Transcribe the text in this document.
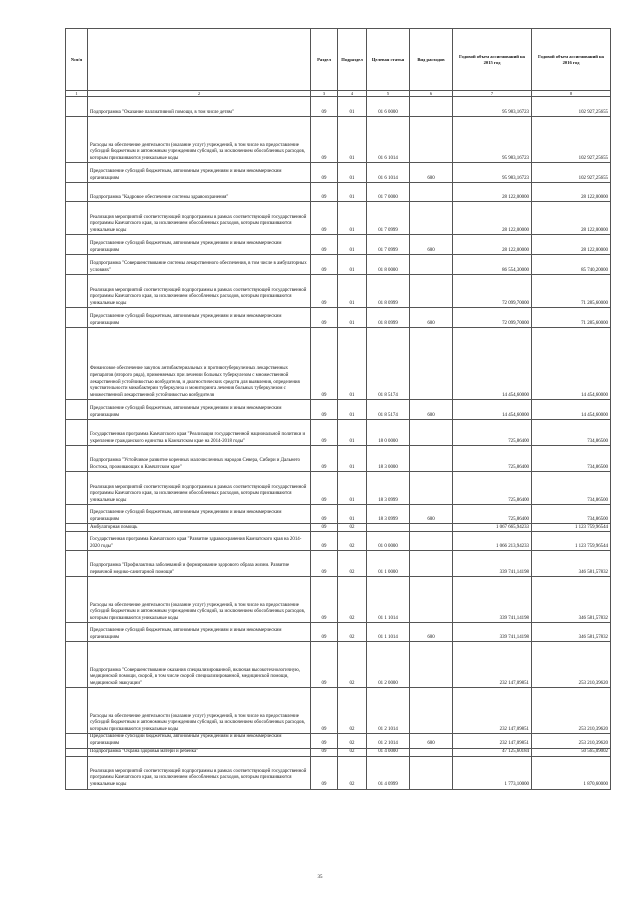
№п/п		Раздел	Подраздел	Целевая статья	Вид расходов	Годовой объем ассигнований на 2015 год	Годовой объем ассигнований на 2016 год
1	2	3	4	5	6	7	8
	Подпрограмма "Оказание паллиативной помощи, в том числе детям"	09	01	01 6 0000		95 983,16723	102 927,25655
	Расходы на обеспечение деятельности (оказание услуг) учреждений, в том числе на предоставление субсидий бюджетным и автономным учреждениям субсидий, за исключением обособленных расходов, которым присваиваются уникальные коды	09	01	01 6 1014		95 983,16723	102 927,25655
	Предоставление субсидий бюджетным, автономным учреждениям и иным некоммерческим организациям	09	01	01 6 1014	600	95 983,16723	102 927,25655
	Подпрограмма "Кадровое обеспечение системы здравоохранения"	09	01	01 7 0000		28 122,00000	28 122,00000
	Реализация мероприятий соответствующей подпрограммы в рамках соответствующей государственной программы Камчатского края, за исключением обособленных расходов, которым присваиваются уникальные коды	09	01	01 7 0999		28 122,00000	28 122,00000
	Предоставление субсидий бюджетным, автономным учреждениям и иным некоммерческим организациям	09	01	01 7 0999	600	28 122,00000	28 122,00000
	Подпрограмма "Совершенствование системы лекарственного обеспечения, в том числе в амбулаторных условиях"	09	01	01 8 0000		86 554,30000	85 740,20000
	Реализация мероприятий соответствующей подпрограммы в рамках соответствующей государственной программы Камчатского края, за исключением обособленных расходов, которым присваиваются уникальные коды	09	01	01 8 0999		72 099,70000	71 285,60000
	Предоставление субсидий бюджетным, автономным учреждениям и иным некоммерческим организациям	09	01	01 8 0999	600	72 099,70000	71 285,60000
	Финансовое обеспечение закупок антибактериальных и противотуберкулезных лекарственных препаратов (второго ряда), применяемых при лечении больных туберкулезом с множественной лекарственной устойчивостью возбудителя, и диагностических средств для выявления, определения чувствительности микобактерии туберкулеза и мониторинга лечения больных туберкулезом с множественной лекарственной устойчивостью возбудителя	09	01	01 8 5174		14 454,60000	14 454,60000
	Предоставление субсидий бюджетным, автономным учреждениям и иным некоммерческим организациям	09	01	01 8 5174	600	14 454,60000	14 454,60000
	Государственная программа Камчатского края "Реализация государственной национальной политики и укрепление гражданского единства в Камчатском крае на 2014-2018 годы"	09	01	18 0 0000		725,86400	734,86500
	Подпрограмма "Устойчивое развитие коренных малочисленных народов Севера, Сибири и Дальнего Востока, проживающих в Камчатском крае"	09	01	18 3 0000		725,86400	734,86500
	Реализация мероприятий соответствующей подпрограммы в рамках соответствующей государственной программы Камчатского края, за исключением обособленных расходов, которым присваиваются уникальные коды	09	01	18 3 0999		725,86400	734,86500
	Предоставление субсидий бюджетным, автономным учреждениям и иным некоммерческим организациям	09	01	18 3 0999	600	725,86400	734,86500
	Амбулаторная помощь	09	02			1 067 665,94233	1 123 759,96544
	Государственная программа Камчатского края "Развитие здравоохранения Камчатского края на 2014-2020 годы"	09	02	01 0 0000		1 066 213,94233	1 123 759,96544
	Подпрограмма "Профилактика заболеваний и формирование здорового образа жизни. Развитие первичной медико-санитарной помощи"	09	02	01 1 0000		339 741,14198	346 581,57832
	Расходы на обеспечение деятельности (оказание услуг) учреждений, в том числе на предоставление субсидий бюджетным и автономным учреждениям субсидий, за исключением обособленных расходов, которым присваиваются уникальные коды	09	02	01 1 1014		339 741,14198	346 581,57832
	Предоставление субсидий бюджетным, автономным учреждениям и иным некоммерческим организациям	09	02	01 1 1014	600	339 741,14198	346 581,57832
	Подпрограмма "Совершенствование оказания специализированной, включая высокотехнологичную, медицинской помощи, скорой, в том числе скорой специализированной, медицинской помощи, медицинской эвакуации"	09	02	01 2 0000		232 147,09851	253 210,39620
	Расходы на обеспечение деятельности (оказание услуг) учреждений, в том числе на предоставление субсидий бюджетным и автономным учреждениям субсидий, за исключением обособленных расходов, которым присваиваются уникальные коды	09	02	01 2 1014		232 147,09851	253 210,39620
	Предоставление субсидий бюджетным, автономным учреждениям и иным некоммерческим организациям	09	02	01 2 1014	600	232 147,09851	253 210,39620
	Подпрограмма "Охрана здоровья матери и ребенка"	09	02	01 4 0000		47 125,60184	50 565,09002
	Реализация мероприятий соответствующей подпрограммы в рамках соответствующей государственной программы Камчатского края, за исключением обособленных расходов, которым присваиваются уникальные коды	09	02	01 4 0999		1 773,10000	1 870,60000
35
